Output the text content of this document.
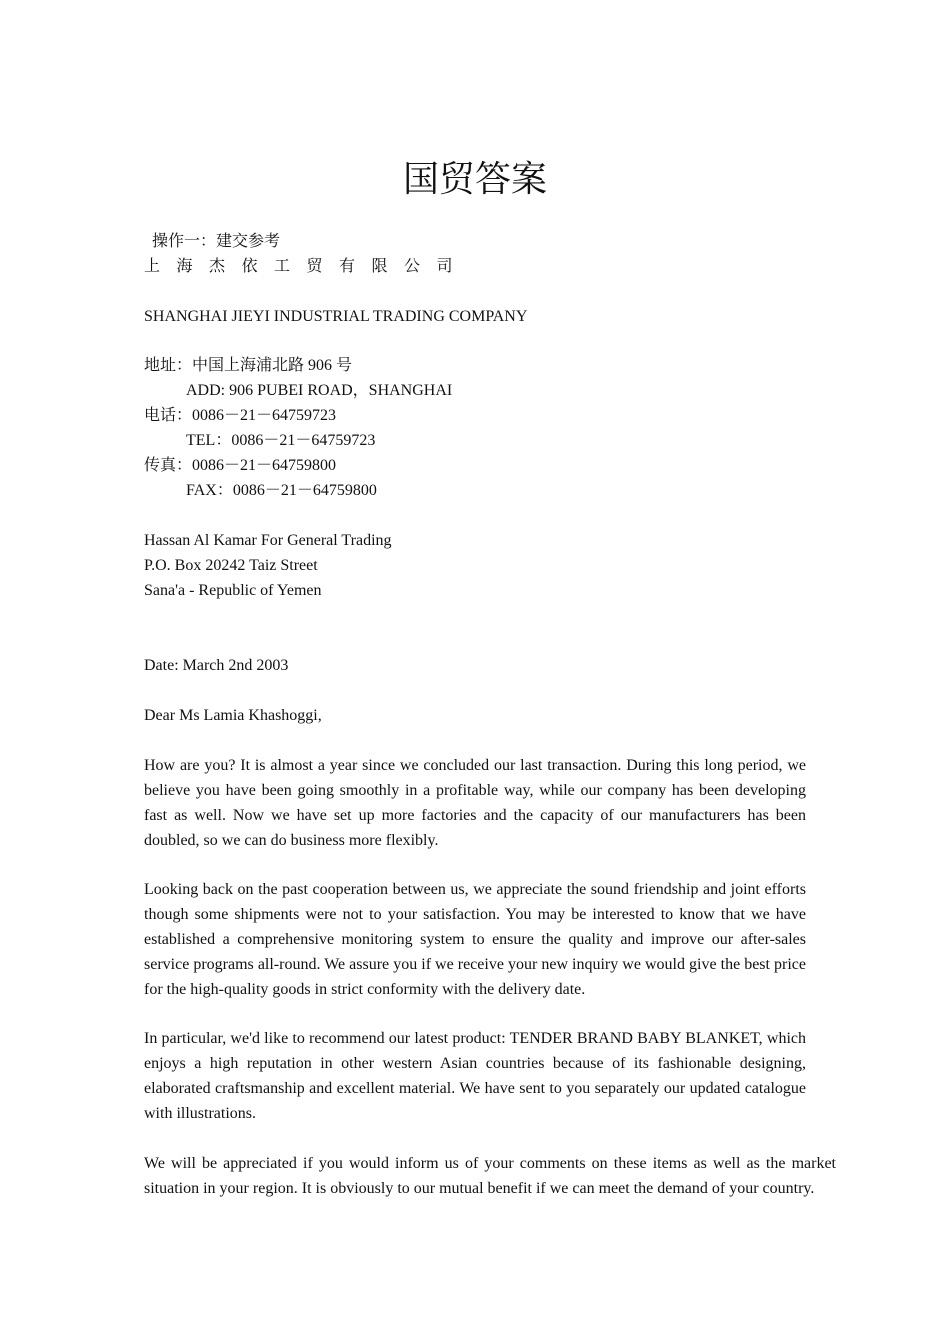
国贸答案
操作一：建交参考
上海杰依工贸有限公司
SHANGHAI JIEYI INDUSTRIAL TRADING COMPANY
地址：中国上海浦北路 906 号
ADD: 906 PUBEI ROAD，SHANGHAI
电话：0086－21－64759723
TEL：0086－21－64759723
传真：0086－21－64759800
FAX：0086－21－64759800
Hassan Al Kamar For General Trading
P.O. Box 20242 Taiz Street
Sana'a - Republic of Yemen
Date: March 2nd 2003
Dear Ms Lamia Khashoggi,

How are you? It is almost a year since we concluded our last transaction. During this long period, we believe you have been going smoothly in a profitable way, while our company has been developing fast as well. Now we have set up more factories and the capacity of our manufacturers has been doubled, so we can do business more flexibly.

Looking back on the past cooperation between us, we appreciate the sound friendship and joint efforts though some shipments were not to your satisfaction. You may be interested to know that we have established a comprehensive monitoring system to ensure the quality and improve our after-sales service programs all-round. We assure you if we receive your new inquiry we would give the best price for the high-quality goods in strict conformity with the delivery date.

In particular, we'd like to recommend our latest product: TENDER BRAND BABY BLANKET, which enjoys a high reputation in other western Asian countries because of its fashionable designing, elaborated craftsmanship and excellent material. We have sent to you separately our updated catalogue with illustrations.

We will be appreciated if you would inform us of your comments on these items as well as the market situation in your region. It is obviously to our mutual benefit if we can meet the demand of your country.
